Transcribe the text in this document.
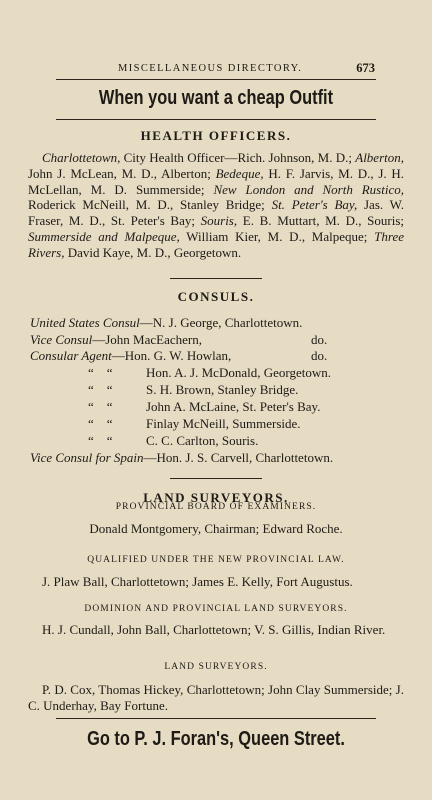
MISCELLANEOUS DIRECTORY.	673
When you want a cheap Outfit
HEALTH OFFICERS.
Charlottetown, City Health Officer—Rich. Johnson, M. D.; Alberton, John J. McLean, M. D., Alberton; Bedeque, H. F. Jarvis, M. D., J. H. McLellan, M. D. Summerside; New London and North Rustico, Roderick McNeill, M. D., Stanley Bridge; St. Peter's Bay, Jas. W. Fraser, M. D., St. Peter's Bay; Souris, E. B. Muttart, M. D., Souris; Summerside and Malpeque, William Kier, M. D., Malpeque; Three Rivers, David Kaye, M. D., Georgetown.
CONSULS.
United States Consul—N. J. George, Charlottetown.
Vice Consul—John MacEachern,	do.
Consular Agent—Hon. G. W. Howlan,	do.
“    “	Hon. A. J. McDonald, Georgetown.
“    “	S. H. Brown, Stanley Bridge.
“    “	John A. McLaine, St. Peter's Bay.
“    “	Finlay McNeill, Summerside.
“    “	C. C. Carlton, Souris.
Vice Consul for Spain—Hon. J. S. Carvell, Charlottetown.
LAND SURVEYORS.
PROVINCIAL BOARD OF EXAMINERS.
Donald Montgomery, Chairman; Edward Roche.
QUALIFIED UNDER THE NEW PROVINCIAL LAW.
J. Plaw Ball, Charlottetown; James E. Kelly, Fort Augustus.
DOMINION AND PROVINCIAL LAND SURVEYORS.
H. J. Cundall, John Ball, Charlottetown; V. S. Gillis, Indian River.
LAND SURVEYORS.
P. D. Cox, Thomas Hickey, Charlottetown; John Clay Summerside; J. C. Underhay, Bay Fortune.
Go to P. J. Foran's, Queen Street.
